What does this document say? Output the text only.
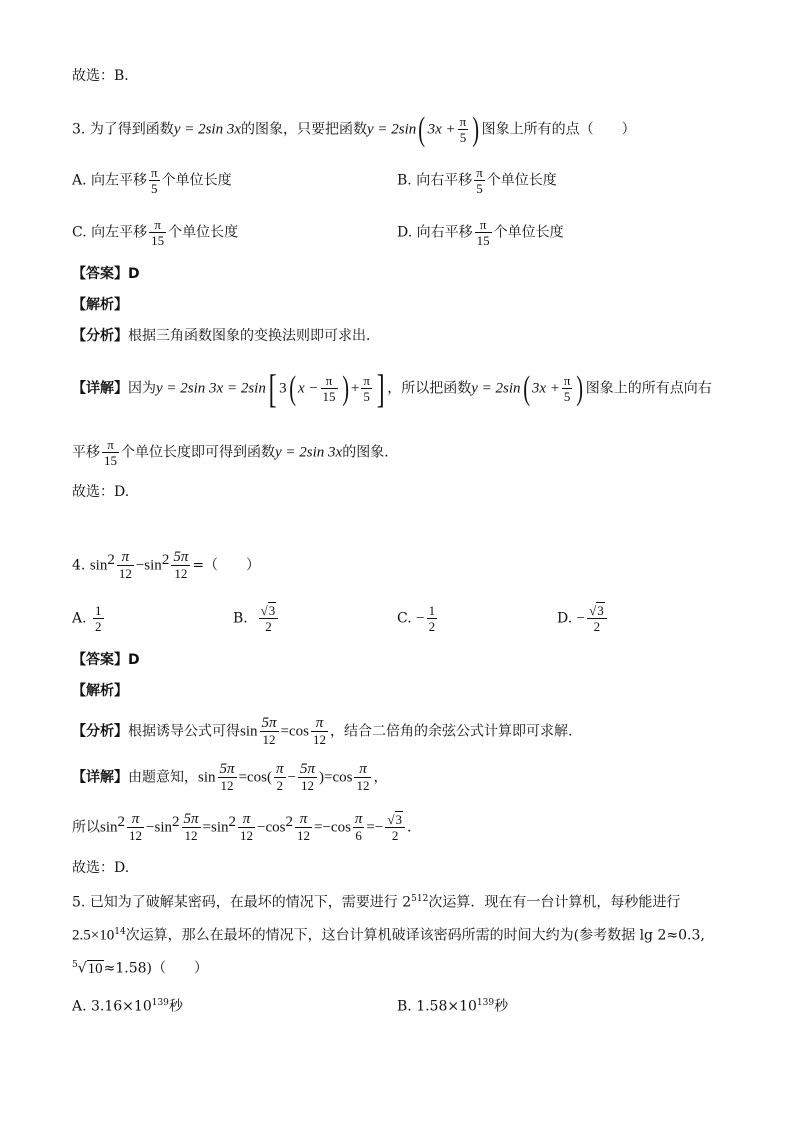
故选：B.
3. 为了得到函数y = 2sin 3x的图象，只要把函数y = 2sin( $3x + \frac{\pi}{5}$ ) 图象上所有的点（　　）
A. 向左平移 $\frac{\pi}{5}$ 个单位长度	B. 向右平移 $\frac{\pi}{5}$ 个单位长度
C. 向左平移 $\frac{\pi}{15}$ 个单位长度	D. 向右平移 $\frac{\pi}{15}$ 个单位长度
【答案】D
【解析】
【分析】根据三角函数图象的变换法则即可求出．
【详解】因为y = 2sin 3x = 2sin[ 3( $x - \frac{\pi}{15}$ ) + $\frac{\pi}{5}$ ] ，所以把函数y = 2sin( $3x + \frac{\pi}{5}$ ) 图象上的所有点向右
平移 $\frac{\pi}{15}$ 个单位长度即可得到函数y = 2sin 3x的图象．
故选：D.
4. $\sin^2 \frac{\pi}{12} -\sin^2 \frac{5\pi}{12}$ =（　　）
A. $\frac{1}{2}$	B. $\frac{√3}{2}$	C. − $\frac{1}{2}$	D. − $\frac{√3}{2}$
【答案】D
【解析】
【分析】根据诱导公式可得$\sin \frac{5\pi}{12} =\cos \frac{\pi}{12}$ ，结合二倍角的余弦公式计算即可求解.
【详解】由题意知，$\sin \frac{5\pi}{12} =\cos( \frac{\pi}{2} - \frac{5\pi}{12} )=\cos \frac{\pi}{12}$ ，
所以$\sin^2 \frac{\pi}{12} -\sin^2 \frac{5\pi}{12} =\sin^2 \frac{\pi}{12} -\cos^2 \frac{\pi}{12} =-\cos \frac{\pi}{6} =- \frac{√3}{2}$ .
故选：D.
5. 已知为了破解某密码，在最坏的情况下，需要进行 $2^{512}$次运算．现在有一台计算机，每秒能进行
$2.5\times 10^{14}$次运算，那么在最坏的情况下，这台计算机破译该密码所需的时间大约为(参考数据 lg 2≈0.3,
$^5$√10≈1.58)（　　）
A. $3.16\times 10^{139}$秒	B. $1.58\times 10^{139}$秒
